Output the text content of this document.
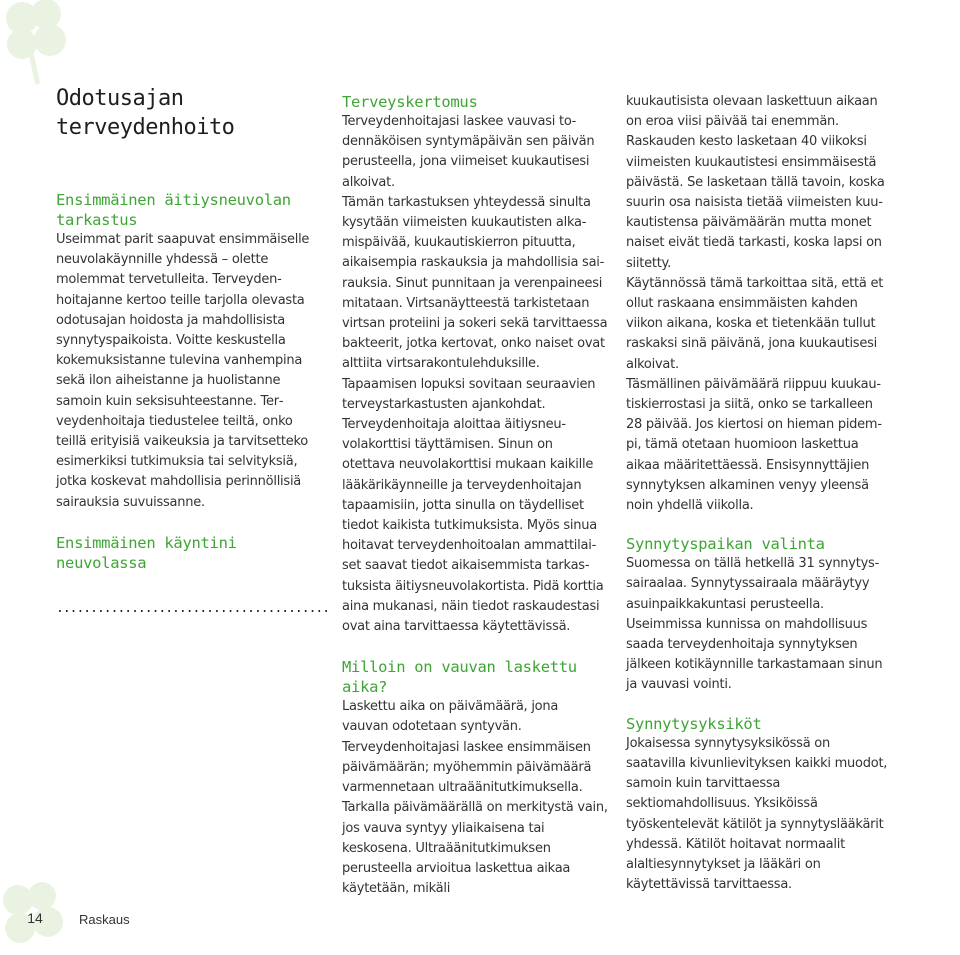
Odotusajan terveydenhoito
Ensimmäinen äitiysneuvolan tarkastus

Useimmat parit saapuvat ensimmäiselle neuvolakäynnille yhdessä – olette molemmat tervetulleita. Terveydenhoitajanne kertoo teille tarjolla olevasta odotusajan hoidosta ja mahdollisista synnytyspaikoista. Voitte keskustella kokemuksistanne tulevina vanhempina sekä ilon aiheistanne ja huolistanne samoin kuin seksisuhteestanne. Terveydenhoitaja tiedustelee teiltä, onko teillä erityisiä vaikeuksia ja tarvitsetteko esimerkiksi tutkimuksia tai selvityksiä, jotka koskevat mahdollisia perinnöllisiä sairauksia suvuissanne.

Ensimmäinen käyntini neuvolassa
........................................
Terveyskertomus

Terveydenhoitajasi laskee vauvasi todennäköisen syntymäpäivän sen päivän perusteella, jona viimeiset kuukautisesi alkoivat.

Tämän tarkastuksen yhteydessä sinulta kysytään viimeisten kuukautisten alkamispäivää, kuukautiskierron pituutta, aikaisempia raskauksia ja mahdollisia sairauksia. Sinut punnitaan ja verenpaineesi mitataan. Virtsanäytteestä tarkistetaan virtsan proteiini ja sokeri sekä tarvittaessa bakteerit, jotka kertovat, onko naiset ovat alttiita virtsarakontulehduksille.

Tapaamisen lopuksi sovitaan seuraavien terveystarkastusten ajankohdat.

Terveydenhoitaja aloittaa äitiysneuvolakorttisi täyttämisen. Sinun on otettava neuvolakorttisi mukaan kaikille lääkärikäynneille ja terveydenhoitajan tapaamisiin, jotta sinulla on täydelliset tiedot kaikista tutkimuksista. Myös sinua hoitavat terveydenhoitoalan ammattilaiset saavat tiedot aikaisemmista tarkastuksista äitiysneuvolakortista. Pidä korttia aina mukanasi, näin tiedot raskaudestasi ovat aina tarvittaessa käytettävissä.

Milloin on vauvan laskettu aika?

Laskettu aika on päivämäärä, jona vauvan odotetaan syntyvän. Terveydenhoitajasi laskee ensimmäisen päivämäärän; myöhemmin päivämäärä varmennetaan ultraäänitutkimuksella. Tarkalla päivämäärällä on merkitystä vain, jos vauva syntyy yliaikaisena tai keskosena. Ultraäänitutkimuksen perusteella arvioitua laskettua aikaa käytetään, mikäli

kuukautisista olevaan laskettuun aikaan on eroa viisi päivää tai enemmän. Raskauden kesto lasketaan 40 viikoksi viimeisten kuukautistesi ensimmäisestä päivästä. Se lasketaan tällä tavoin, koska suurin osa naisista tietää viimeisten kuukautistensa päivämäärän mutta monet naiset eivät tiedä tarkasti, koska lapsi on siitetty.

Käytännössä tämä tarkoittaa sitä, että et ollut raskaana ensimmäisten kahden viikon aikana, koska et tietenkään tullut raskaksi sinä päivänä, jona kuukautisesi alkoivat.

Täsmällinen päivämäärä riippuu kuukautiskierrostasi ja siitä, onko se tarkalleen 28 päivää. Jos kiertosi on hieman pidempi, tämä otetaan huomioon laskettua aikaa määritettäessä. Ensisynnyttäjien synnytyksen alkaminen venyy yleensä noin yhdellä viikolla.

Synnytyspaikan valinta

Suomessa on tällä hetkellä 31 synnytyssairaalaa. Synnytyssairaala määräytyy asuinpaikkakuntasi perusteella. Useimmissa kunnissa on mahdollisuus saada terveydenhoitaja synnytyksen jälkeen kotikäynnille tarkastamaan sinun ja vauvasi vointi.

Synnytysyksiköt

Jokaisessa synnytysyksikössä on saatavilla kivunlievityksen kaikki muodot, samoin kuin tarvittaessa sektiomahdollisuus. Yksiköissä työskentelevät kätilöt ja synnytyslääkärit yhdessä. Kätilöt hoitavat normaalit alaltiesynnytykset ja lääkäri on käytettävissä tarvittaessa.

14	Raskaus
